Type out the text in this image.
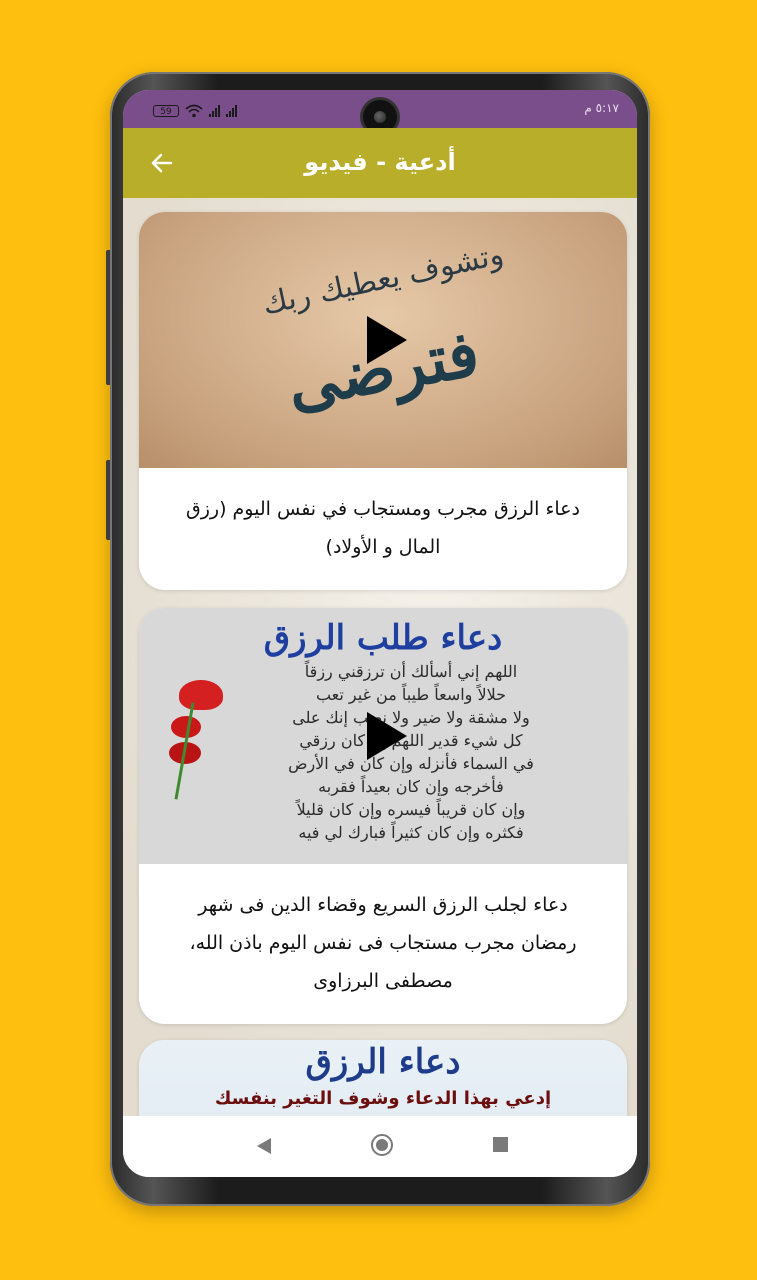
59	٥:١٧ م
أدعية - فيديو
وتشوف يعطيك ربك
فترضى
دعاء الرزق مجرب ومستجاب في نفس اليوم (رزق المال و الأولاد)
دعاء طلب الرزق
اللهم إني أسألك أن ترزقني رزقاً
حلالاً واسعاً طيباً من غير تعب
ولا مشقة ولا ضير ولا نصب إنك على
كل شيء قدير اللهم إن كان رزقي
في السماء فأنزله وإن كان في الأرض
فأخرجه وإن كان بعيداً فقربه
وإن كان قريباً فيسره وإن كان قليلاً
فكثره وإن كان كثيراً فبارك لي فيه
دعاء لجلب الرزق السريع وقضاء الدين فى شهر رمضان مجرب مستجاب فى نفس اليوم باذن الله، مصطفى البرزاوى
دعاء الرزق
إدعي بهذا الدعاء وشوف التغير بنفسك
